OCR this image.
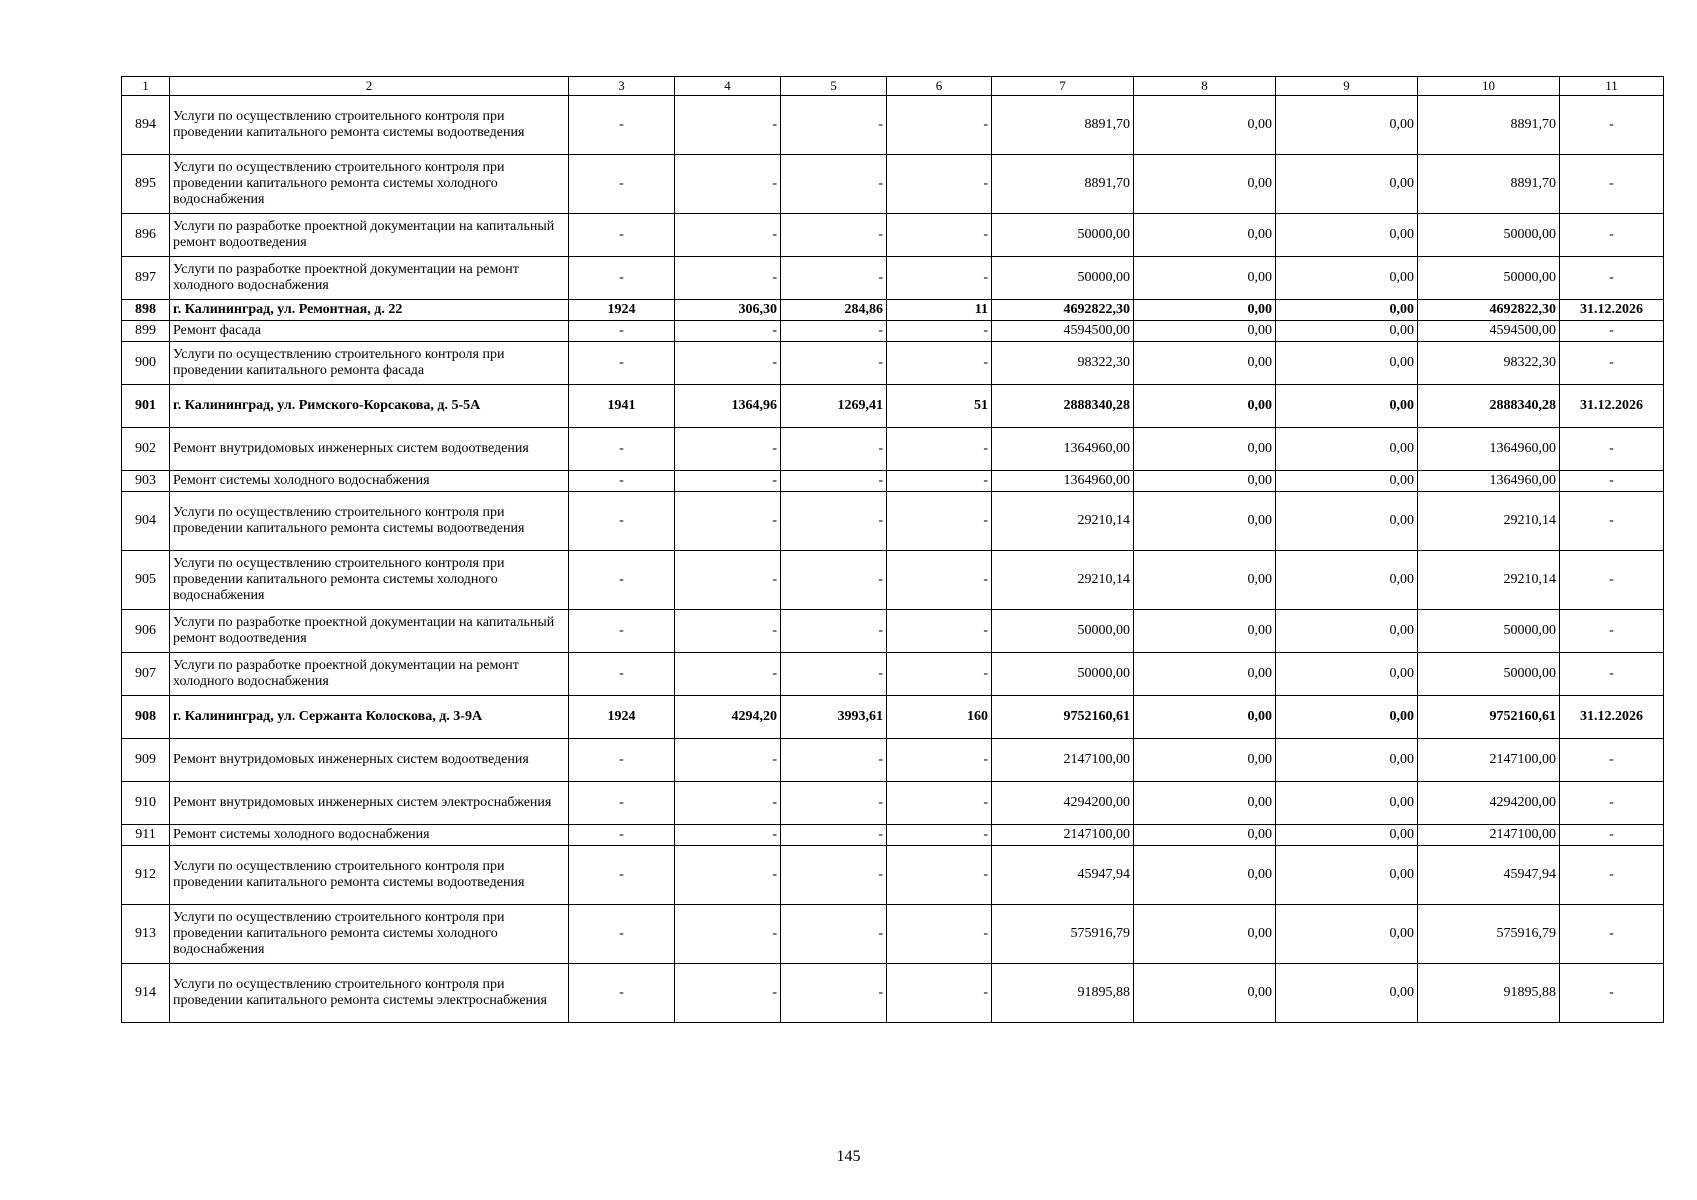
1	2	3	4	5	6	7	8	9	10	11
894	Услуги по осуществлению строительного контроля при проведении капитального ремонта системы водоотведения	-	-	-	-	8891,70	0,00	0,00	8891,70	-
895	Услуги по осуществлению строительного контроля при проведении капитального ремонта системы холодного водоснабжения	-	-	-	-	8891,70	0,00	0,00	8891,70	-
896	Услуги по разработке проектной документации на капитальный ремонт водоотведения	-	-	-	-	50000,00	0,00	0,00	50000,00	-
897	Услуги по разработке проектной документации на ремонт холодного водоснабжения	-	-	-	-	50000,00	0,00	0,00	50000,00	-
898	г. Калининград, ул. Ремонтная, д. 22	1924	306,30	284,86	11	4692822,30	0,00	0,00	4692822,30	31.12.2026
899	Ремонт фасада	-	-	-	-	4594500,00	0,00	0,00	4594500,00	-
900	Услуги по осуществлению строительного контроля при проведении капитального ремонта фасада	-	-	-	-	98322,30	0,00	0,00	98322,30	-
901	г. Калининград, ул. Римского-Корсакова, д. 5-5А	1941	1364,96	1269,41	51	2888340,28	0,00	0,00	2888340,28	31.12.2026
902	Ремонт внутридомовых инженерных систем водоотведения	-	-	-	-	1364960,00	0,00	0,00	1364960,00	-
903	Ремонт системы холодного водоснабжения	-	-	-	-	1364960,00	0,00	0,00	1364960,00	-
904	Услуги по осуществлению строительного контроля при проведении капитального ремонта системы водоотведения	-	-	-	-	29210,14	0,00	0,00	29210,14	-
905	Услуги по осуществлению строительного контроля при проведении капитального ремонта системы холодного водоснабжения	-	-	-	-	29210,14	0,00	0,00	29210,14	-
906	Услуги по разработке проектной документации на капитальный ремонт водоотведения	-	-	-	-	50000,00	0,00	0,00	50000,00	-
907	Услуги по разработке проектной документации на ремонт холодного водоснабжения	-	-	-	-	50000,00	0,00	0,00	50000,00	-
908	г. Калининград, ул. Сержанта Колоскова, д. 3-9А	1924	4294,20	3993,61	160	9752160,61	0,00	0,00	9752160,61	31.12.2026
909	Ремонт внутридомовых инженерных систем водоотведения	-	-	-	-	2147100,00	0,00	0,00	2147100,00	-
910	Ремонт внутридомовых инженерных систем электроснабжения	-	-	-	-	4294200,00	0,00	0,00	4294200,00	-
911	Ремонт системы холодного водоснабжения	-	-	-	-	2147100,00	0,00	0,00	2147100,00	-
912	Услуги по осуществлению строительного контроля при проведении капитального ремонта системы водоотведения	-	-	-	-	45947,94	0,00	0,00	45947,94	-
913	Услуги по осуществлению строительного контроля при проведении капитального ремонта системы холодного водоснабжения	-	-	-	-	575916,79	0,00	0,00	575916,79	-
914	Услуги по осуществлению строительного контроля при проведении капитального ремонта системы электроснабжения	-	-	-	-	91895,88	0,00	0,00	91895,88	-
145
